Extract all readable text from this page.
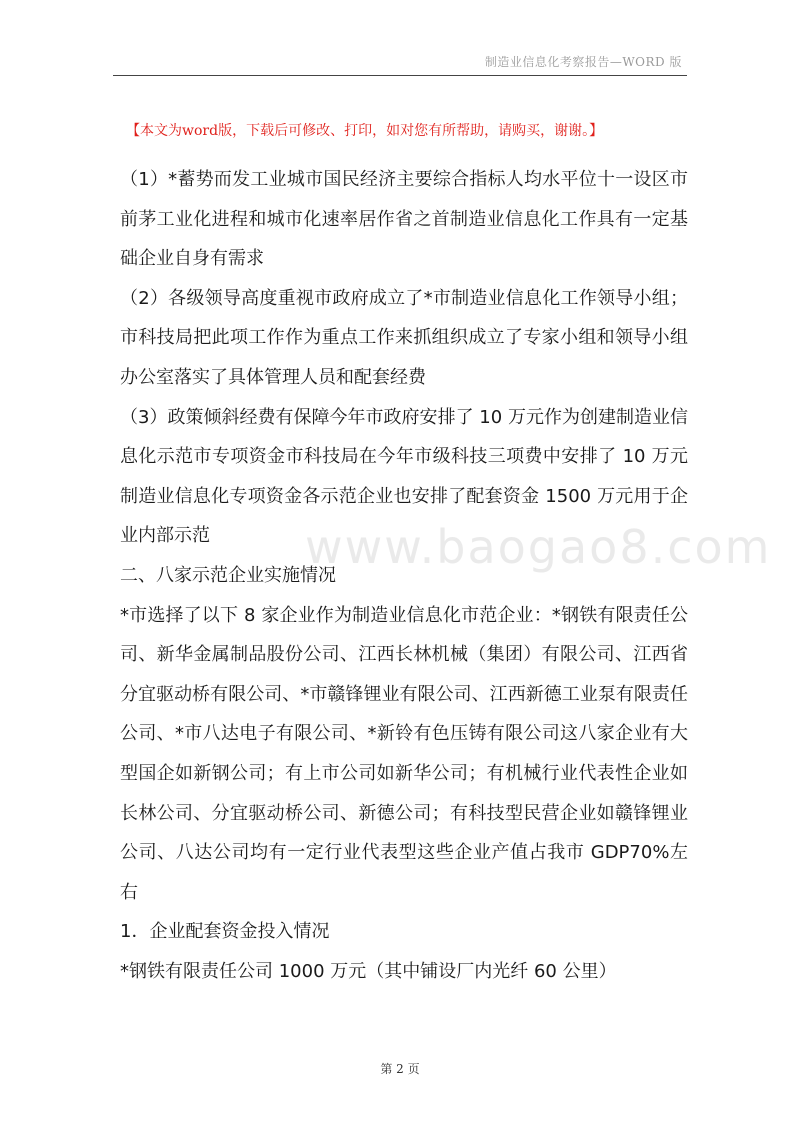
制造业信息化考察报告—WORD 版
【本文为word版，下载后可修改、打印，如对您有所帮助，请购买，谢谢。】

（1）*蓄势而发工业城市国民经济主要综合指标人均水平位十一设区市前茅工业化进程和城市化速率居作省之首制造业信息化工作具有一定基础企业自身有需求

（2）各级领导高度重视市政府成立了*市制造业信息化工作领导小组；市科技局把此项工作作为重点工作来抓组织成立了专家小组和领导小组办公室落实了具体管理人员和配套经费

（3）政策倾斜经费有保障今年市政府安排了 10 万元作为创建制造业信息化示范市专项资金市科技局在今年市级科技三项费中安排了 10 万元制造业信息化专项资金各示范企业也安排了配套资金 1500 万元用于企业内部示范

二、八家示范企业实施情况

*市选择了以下 8 家企业作为制造业信息化市范企业：*钢铁有限责任公司、新华金属制品股份公司、江西长林机械（集团）有限公司、江西省分宜驱动桥有限公司、*市赣锋锂业有限公司、江西新德工业泵有限责任公司、*市八达电子有限公司、*新铃有色压铸有限公司这八家企业有大型国企如新钢公司；有上市公司如新华公司；有机械行业代表性企业如长林公司、分宜驱动桥公司、新德公司；有科技型民营企业如赣锋锂业公司、八达公司均有一定行业代表型这些企业产值占我市 GDP70%左右

1．企业配套资金投入情况

*钢铁有限责任公司 1000 万元（其中铺设厂内光纤 60 公里）

www.baogao8.com
第 2 页
